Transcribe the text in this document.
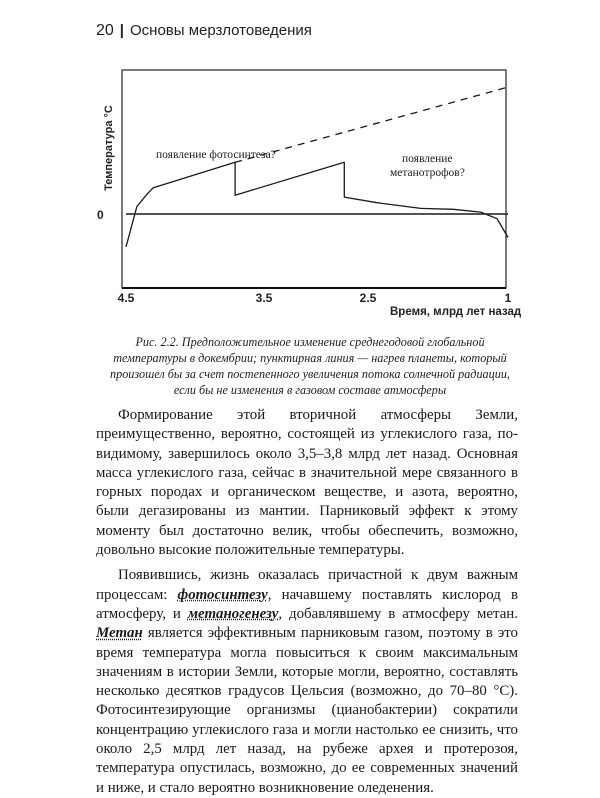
20 | Основы мерзлотоведения
Температура °С
0
4.5	3.5	2.5	1
Время, млрд лет назад
появление фотосинтеза?	появление метанотрофов?
Рис. 2.2. Предположительное изменение среднегодовой глобальной температуры в докембрии; пунктирная линия — нагрев планеты, который произошел бы за счет постепенного увеличения потока солнечной радиации, если бы не изменения в газовом составе атмосферы

Формирование этой вторичной атмосферы Земли, преимущественно, вероятно, состоящей из углекислого газа, по-видимому, завершилось около 3,5–3,8 млрд лет назад. Основная масса углекислого газа, сейчас в значительной мере связанного в горных породах и органическом веществе, и азота, вероятно, были дегазированы из мантии. Парниковый эффект к этому моменту был достаточно велик, чтобы обеспечить, возможно, довольно высокие положительные температуры.

Появившись, жизнь оказалась причастной к двум важным процессам: фотосинтезу, начавшему поставлять кислород в атмосферу, и метаногенезу, добавлявшему в атмосферу метан. Метан является эффективным парниковым газом, поэтому в это время температура могла повыситься к своим максимальным значениям в истории Земли, которые могли, вероятно, составлять несколько десятков градусов Цельсия (возможно, до 70–80 °С). Фотосинтезирующие организмы (цианобактерии) сократили концентрацию углекислого газа и могли настолько ее снизить, что около 2,5 млрд лет назад, на рубеже архея и протерозоя, температура опустилась, возможно, до ее современных значений и ниже, и стало вероятно возникновение оледенения.
